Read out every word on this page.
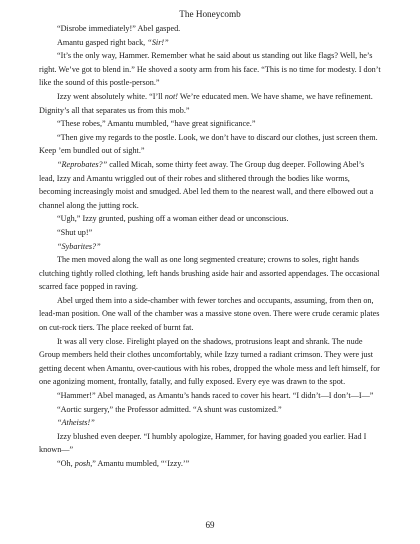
The Honeycomb

“Disrobe immediately!” Abel gasped.

Amantu gasped right back, “Sir!”

“It’s the only way, Hammer. Remember what he said about us standing out like flags? Well, he’s right. We’ve got to blend in.” He shoved a sooty arm from his face. “This is no time for modesty. I don’t like the sound of this postle-person.”

Izzy went absolutely white. “I’ll not! We’re educated men. We have shame, we have refinement. Dignity’s all that separates us from this mob.”

“These robes,” Amantu mumbled, “have great significance.”

“Then give my regards to the postle. Look, we don’t have to discard our clothes, just screen them. Keep ’em bundled out of sight.”

“Reprobates?” called Micah, some thirty feet away. The Group dug deeper. Following Abel’s lead, Izzy and Amantu wriggled out of their robes and slithered through the bodies like worms, becoming increasingly moist and smudged. Abel led them to the nearest wall, and there elbowed out a channel along the jutting rock.

“Ugh,” Izzy grunted, pushing off a woman either dead or unconscious.

“Shut up!”

“Sybarites?”

The men moved along the wall as one long segmented creature; crowns to soles, right hands clutching tightly rolled clothing, left hands brushing aside hair and assorted appendages. The occasional scarred face popped in raving.

Abel urged them into a side-chamber with fewer torches and occupants, assuming, from then on, lead-man position. One wall of the chamber was a massive stone oven. There were crude ceramic plates on cut-rock tiers. The place reeked of burnt fat.

It was all very close. Firelight played on the shadows, protrusions leapt and shrank. The nude Group members held their clothes uncomfortably, while Izzy turned a radiant crimson. They were just getting decent when Amantu, over-cautious with his robes, dropped the whole mess and left himself, for one agonizing moment, frontally, fatally, and fully exposed. Every eye was drawn to the spot.

“Hammer!” Abel managed, as Amantu’s hands raced to cover his heart. “I didn’t—I don’t—I—”

“Aortic surgery,” the Professor admitted. “A shunt was customized.”

“Atheists!”

Izzy blushed even deeper. “I humbly apologize, Hammer, for having goaded you earlier. Had I known—”

“Oh, posh,” Amantu mumbled, “‘Izzy.’”

69
